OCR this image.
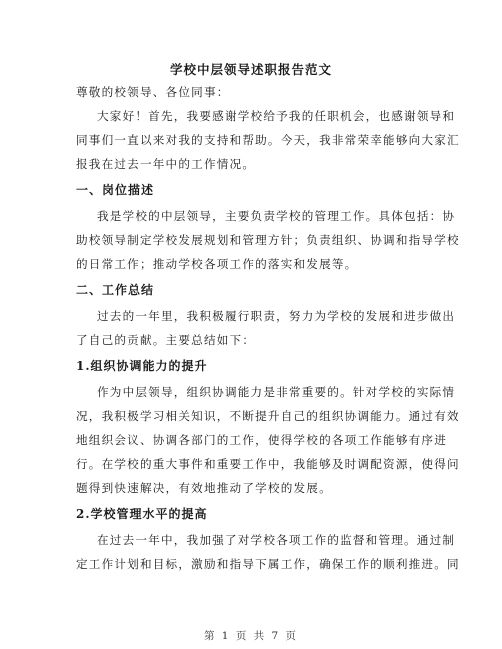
学校中层领导述职报告范文
尊敬的校领导、各位同事：
大家好！首先，我要感谢学校给予我的任职机会，也感谢领导和
同事们一直以来对我的支持和帮助。今天，我非常荣幸能够向大家汇
报我在过去一年中的工作情况。
一、岗位描述
我是学校的中层领导，主要负责学校的管理工作。具体包括：协
助校领导制定学校发展规划和管理方针；负责组织、协调和指导学校
的日常工作；推动学校各项工作的落实和发展等。
二、工作总结
过去的一年里，我积极履行职责，努力为学校的发展和进步做出
了自己的贡献。主要总结如下：
1.组织协调能力的提升
作为中层领导，组织协调能力是非常重要的。针对学校的实际情
况，我积极学习相关知识，不断提升自己的组织协调能力。通过有效
地组织会议、协调各部门的工作，使得学校的各项工作能够有序进
行。在学校的重大事件和重要工作中，我能够及时调配资源，使得问
题得到快速解决，有效地推动了学校的发展。
2.学校管理水平的提高
在过去一年中，我加强了对学校各项工作的监督和管理。通过制
定工作计划和目标，激励和指导下属工作，确保工作的顺利推进。同
第 1 页 共 7 页
